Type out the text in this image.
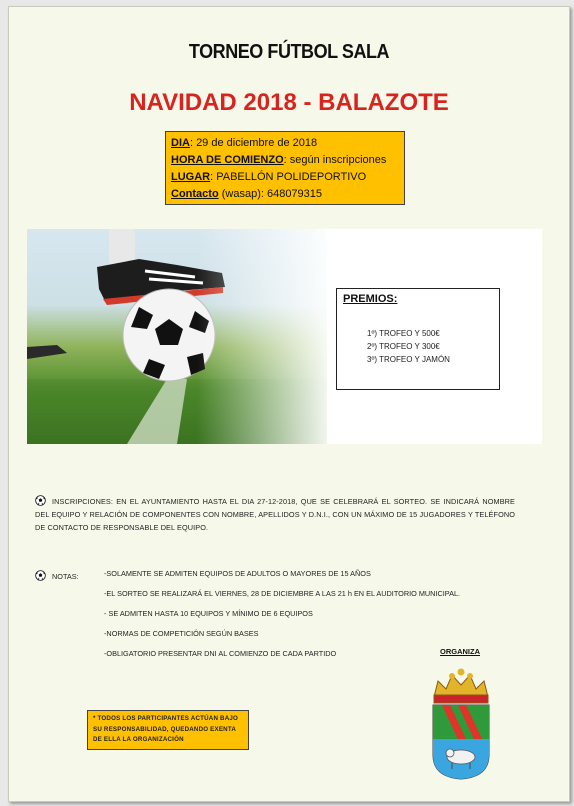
TORNEO FÚTBOL SALA
NAVIDAD 2018 - BALAZOTE
DIA: 29 de diciembre de 2018
HORA DE COMIENZO: según inscripciones
LUGAR: PABELLÓN POLIDEPORTIVO
Contacto (wasap): 648079315
PREMIOS:
1º) TROFEO Y 500€
2º) TROFEO Y 300€
3º) TROFEO Y JAMÓN
INSCRIPCIONES: EN EL AYUNTAMIENTO HASTA EL DIA 27-12-2018, QUE SE CELEBRARÁ EL SORTEO. SE INDICARÁ NOMBRE DEL EQUIPO Y RELACIÓN DE COMPONENTES CON NOMBRE, APELLIDOS Y D.N.I., CON UN MÁXIMO DE 15 JUGADORES Y TELÉFONO DE CONTACTO DE RESPONSABLE DEL EQUIPO.
NOTAS:	-SOLAMENTE SE ADMITEN EQUIPOS DE ADULTOS O MAYORES DE 15 AÑOS
-EL SORTEO SE REALIZARÁ EL VIERNES, 28 DE DICIEMBRE A LAS 21 h EN EL AUDITORIO MUNICIPAL.
- SE ADMITEN HASTA 10 EQUIPOS Y MÍNIMO DE 6 EQUIPOS
-NORMAS DE COMPETICIÓN SEGÚN BASES
-OBLIGATORIO PRESENTAR DNI AL COMIENZO DE CADA PARTIDO	ORGANIZA
* TODOS LOS PARTICIPANTES ACTÚAN BAJO SU RESPONSABILIDAD, QUEDANDO EXENTA DE ELLA LA ORGANIZACIÓN
